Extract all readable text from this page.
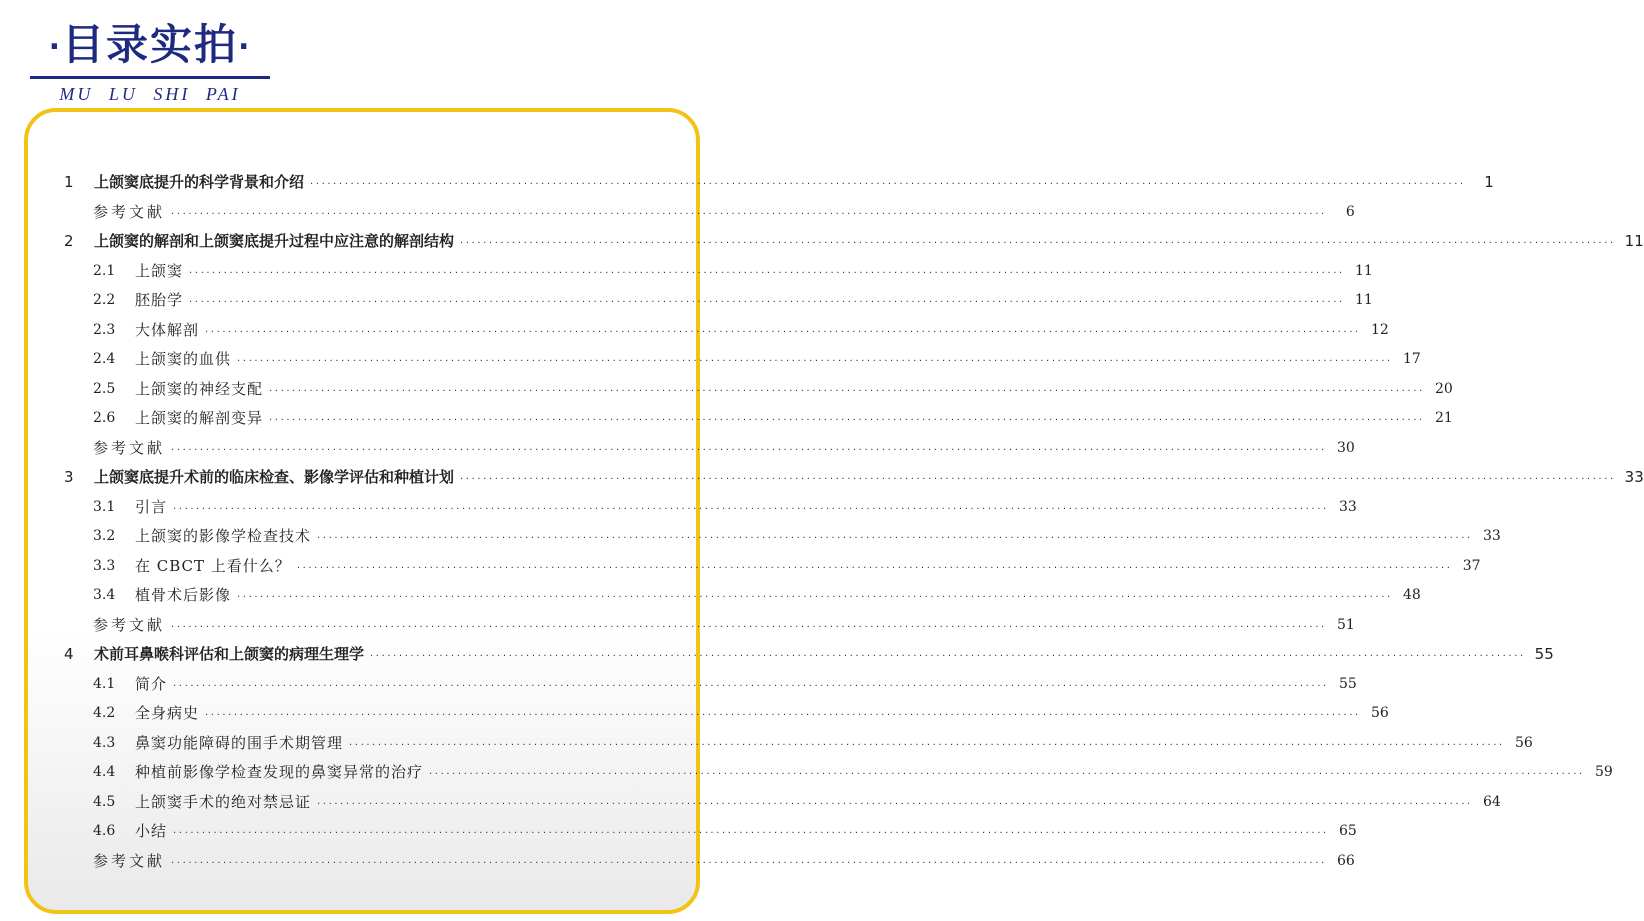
·目录实拍·
MU LU SHI PAI
1	上颌窦底提升的科学背景和介绍 ········································································································································································································	1
参考文献 ········································································································································································································	6
2	上颌窦的解剖和上颌窦底提升过程中应注意的解剖结构 ········································································································································································································ 11
2.1	上颌窦 ········································································································································································································ 11
2.2	胚胎学 ········································································································································································································ 11
2.3	大体解剖 ········································································································································································································ 12
2.4	上颌窦的血供 ········································································································································································································ 17
2.5	上颌窦的神经支配 ········································································································································································································ 20
2.6	上颌窦的解剖变异 ········································································································································································································ 21
参考文献 ········································································································································································································ 30
3	上颌窦底提升术前的临床检查、影像学评估和种植计划 ········································································································································································································ 33
3.1	引言 ········································································································································································································ 33
3.2	上颌窦的影像学检查技术 ········································································································································································································ 33
3.3	在 CBCT 上看什么？ ········································································································································································································ 37
3.4	植骨术后影像 ········································································································································································································ 48
参考文献 ········································································································································································································ 51
4	术前耳鼻喉科评估和上颌窦的病理生理学 ········································································································································································································ 55
4.1	简介 ········································································································································································································ 55
4.2	全身病史 ········································································································································································································ 56
4.3	鼻窦功能障碍的围手术期管理 ········································································································································································································ 56
4.4	种植前影像学检查发现的鼻窦异常的治疗 ········································································································································································································ 59
4.5	上颌窦手术的绝对禁忌证 ········································································································································································································ 64
4.6	小结 ········································································································································································································ 65
参考文献 ········································································································································································································ 66
